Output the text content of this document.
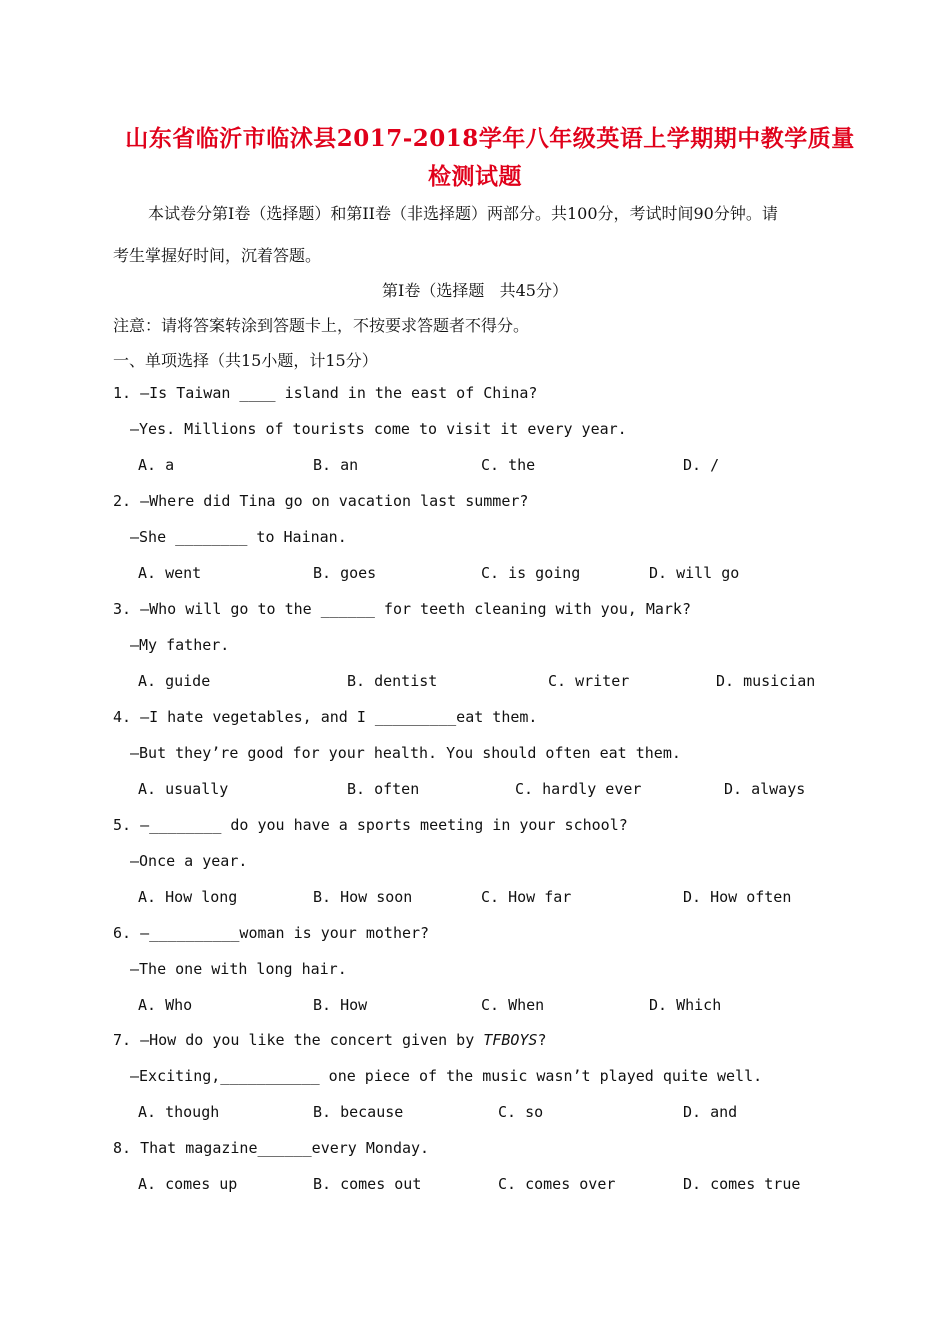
山东省临沂市临沭县2017-2018学年八年级英语上学期期中教学质量
检测试题
本试卷分第I卷（选择题）和第II卷（非选择题）两部分。共100分，考试时间90分钟。请
考生掌握好时间，沉着答题。
第I卷（选择题   共45分）
注意：请将答案转涂到答题卡上，不按要求答题者不得分。
一、单项选择（共15小题，计15分）
1. —Is Taiwan ____ island in the east of China?
—Yes. Millions of tourists come to visit it every year.
A. a	B. an	C. the	D. /
2. —Where did Tina go on vacation last summer?
—She ________ to Hainan.
A. went	B. goes	C. is going	D. will go
3. —Who will go to the ______ for teeth cleaning with you, Mark?
—My father.
A. guide	B. dentist	C. writer	D. musician
4. —I hate vegetables, and I _________eat them.
—But they’re good for your health. You should often eat them.
A. usually	B. often	C. hardly ever	D. always
5. —________ do you have a sports meeting in your school?
—Once a year.
A. How long	B. How soon	C. How far	D. How often
6. —__________woman is your mother?
—The one with long hair.
A. Who	B. How	C. When	D. Which
7. —How do you like the concert given by TFBOYS?
—Exciting,___________ one piece of the music wasn’t played quite well.
A. though	B. because	C. so	D. and
8. That magazine______every Monday.
A. comes up	B. comes out	C. comes over	D. comes true
